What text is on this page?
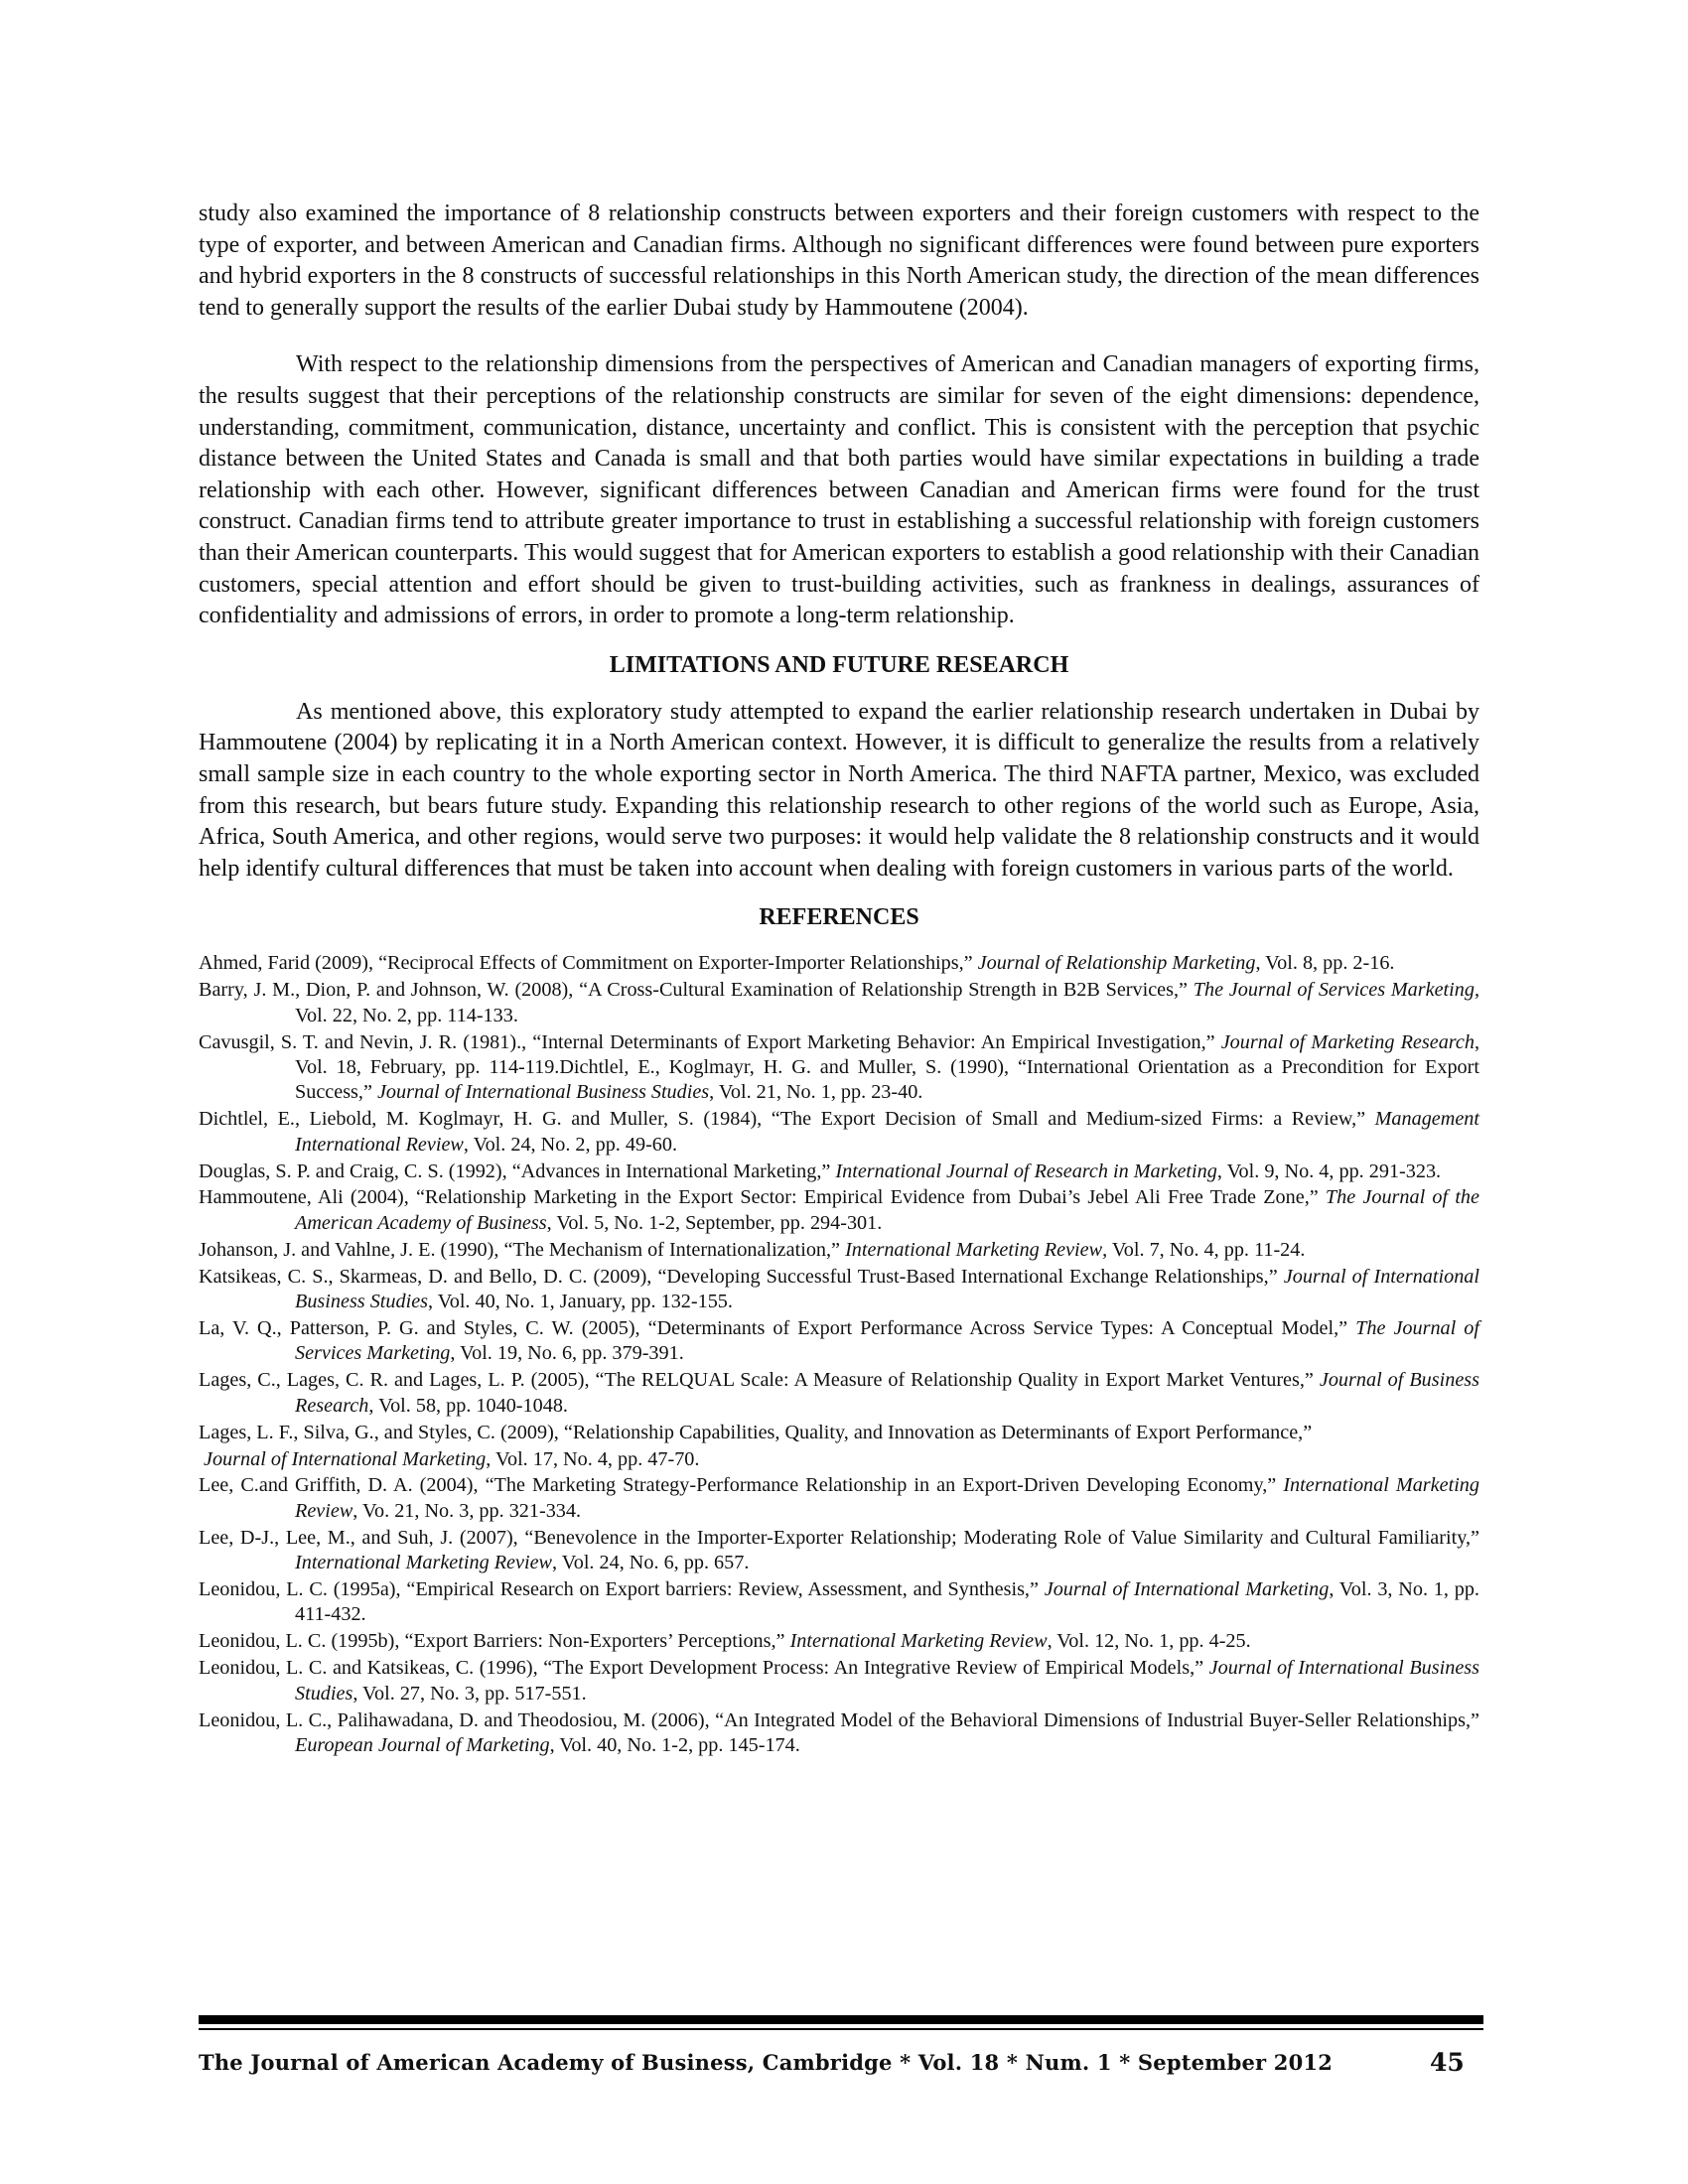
study also examined the importance of 8 relationship constructs between exporters and their foreign customers with respect to the type of exporter, and between American and Canadian firms. Although no significant differences were found between pure exporters and hybrid exporters in the 8 constructs of successful relationships in this North American study, the direction of the mean differences tend to generally support the results of the earlier Dubai study by Hammoutene (2004).

With respect to the relationship dimensions from the perspectives of American and Canadian managers of exporting firms, the results suggest that their perceptions of the relationship constructs are similar for seven of the eight dimensions: dependence, understanding, commitment, communication, distance, uncertainty and conflict. This is consistent with the perception that psychic distance between the United States and Canada is small and that both parties would have similar expectations in building a trade relationship with each other. However, significant differences between Canadian and American firms were found for the trust construct. Canadian firms tend to attribute greater importance to trust in establishing a successful relationship with foreign customers than their American counterparts. This would suggest that for American exporters to establish a good relationship with their Canadian customers, special attention and effort should be given to trust-building activities, such as frankness in dealings, assurances of confidentiality and admissions of errors, in order to promote a long-term relationship.

LIMITATIONS AND FUTURE RESEARCH

As mentioned above, this exploratory study attempted to expand the earlier relationship research undertaken in Dubai by Hammoutene (2004) by replicating it in a North American context. However, it is difficult to generalize the results from a relatively small sample size in each country to the whole exporting sector in North America. The third NAFTA partner, Mexico, was excluded from this research, but bears future study. Expanding this relationship research to other regions of the world such as Europe, Asia, Africa, South America, and other regions, would serve two purposes: it would help validate the 8 relationship constructs and it would help identify cultural differences that must be taken into account when dealing with foreign customers in various parts of the world.

REFERENCES

Ahmed, Farid (2009), “Reciprocal Effects of Commitment on Exporter-Importer Relationships,” Journal of Relationship Marketing, Vol. 8, pp. 2-16.

Barry, J. M., Dion, P. and Johnson, W. (2008), “A Cross-Cultural Examination of Relationship Strength in B2B Services,” The Journal of Services Marketing, Vol. 22, No. 2, pp. 114-133.

Cavusgil, S. T. and Nevin, J. R. (1981)., “Internal Determinants of Export Marketing Behavior: An Empirical Investigation,” Journal of Marketing Research, Vol. 18, February, pp. 114-119.Dichtlel, E., Koglmayr, H. G. and Muller, S. (1990), “International Orientation as a Precondition for Export Success,” Journal of International Business Studies, Vol. 21, No. 1, pp. 23-40.

Dichtlel, E., Liebold, M. Koglmayr, H. G. and Muller, S. (1984), “The Export Decision of Small and Medium-sized Firms: a Review,” Management International Review, Vol. 24, No. 2, pp. 49-60.

Douglas, S. P. and Craig, C. S. (1992), “Advances in International Marketing,” International Journal of Research in Marketing, Vol. 9, No. 4, pp. 291-323.

Hammoutene, Ali (2004), “Relationship Marketing in the Export Sector: Empirical Evidence from Dubai’s Jebel Ali Free Trade Zone,” The Journal of the American Academy of Business, Vol. 5, No. 1-2, September, pp. 294-301.

Johanson, J. and Vahlne, J. E. (1990), “The Mechanism of Internationalization,” International Marketing Review, Vol. 7, No. 4, pp. 11-24.

Katsikeas, C. S., Skarmeas, D. and Bello, D. C. (2009), “Developing Successful Trust-Based International Exchange Relationships,” Journal of International Business Studies, Vol. 40, No. 1, January, pp. 132-155.

La, V. Q., Patterson, P. G. and Styles, C. W. (2005), “Determinants of Export Performance Across Service Types: A Conceptual Model,” The Journal of Services Marketing, Vol. 19, No. 6, pp. 379-391.

Lages, C., Lages, C. R. and Lages, L. P. (2005), “The RELQUAL Scale: A Measure of Relationship Quality in Export Market Ventures,” Journal of Business Research, Vol. 58, pp. 1040-1048.

Lages, L. F., Silva, G., and Styles, C. (2009), “Relationship Capabilities, Quality, and Innovation as Determinants of Export Performance,”

Journal of International Marketing, Vol. 17, No. 4, pp. 47-70.

Lee, C.and Griffith, D. A. (2004), “The Marketing Strategy-Performance Relationship in an Export-Driven Developing Economy,” International Marketing Review, Vo. 21, No. 3, pp. 321-334.

Lee, D-J., Lee, M., and Suh, J. (2007), “Benevolence in the Importer-Exporter Relationship; Moderating Role of Value Similarity and Cultural Familiarity,” International Marketing Review, Vol. 24, No. 6, pp. 657.

Leonidou, L. C. (1995a), “Empirical Research on Export barriers: Review, Assessment, and Synthesis,” Journal of International Marketing, Vol. 3, No. 1, pp. 411-432.

Leonidou, L. C. (1995b), “Export Barriers: Non-Exporters’ Perceptions,” International Marketing Review, Vol. 12, No. 1, pp. 4-25.

Leonidou, L. C. and Katsikeas, C. (1996), “The Export Development Process: An Integrative Review of Empirical Models,” Journal of International Business Studies, Vol. 27, No. 3, pp. 517-551.

Leonidou, L. C., Palihawadana, D. and Theodosiou, M. (2006), “An Integrated Model of the Behavioral Dimensions of Industrial Buyer-Seller Relationships,” European Journal of Marketing, Vol. 40, No. 1-2, pp. 145-174.

The Journal of American Academy of Business, Cambridge * Vol. 18 * Num. 1 * September 2012	45
